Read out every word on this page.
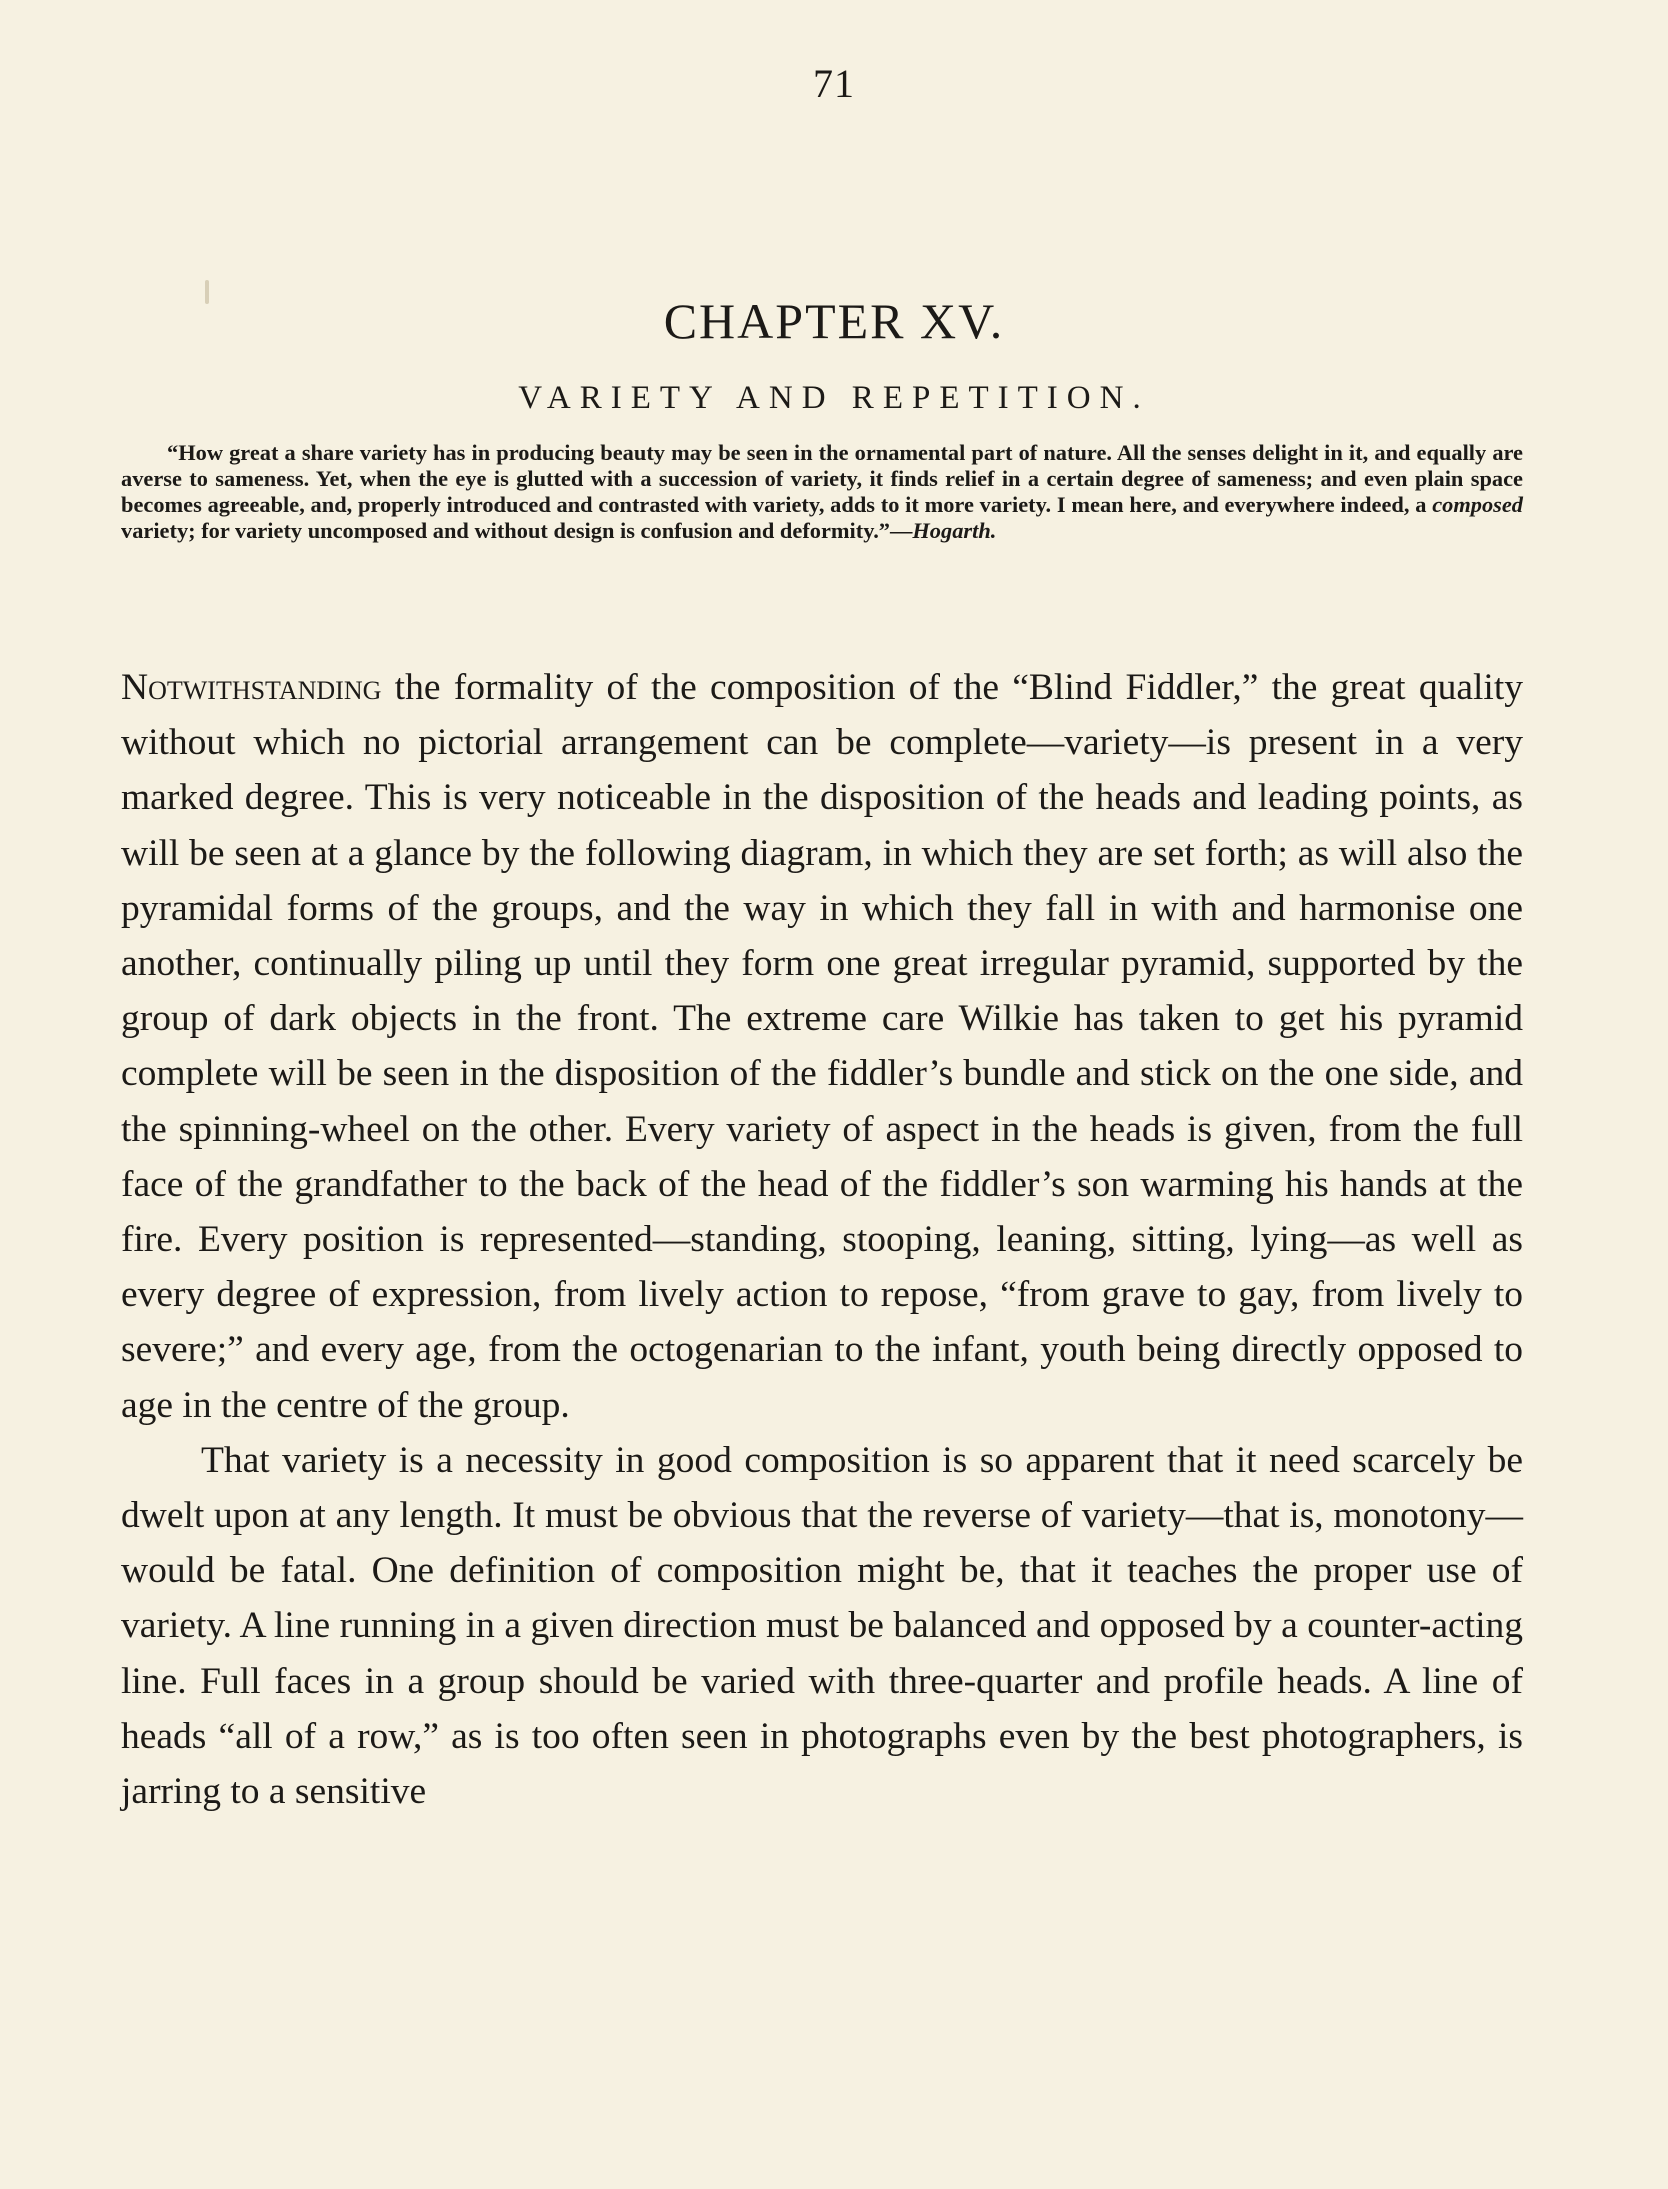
71
CHAPTER XV.
VARIETY AND REPETITION.
“How great a share variety has in producing beauty may be seen in the ornamental part of nature. All the senses delight in it, and equally are averse to sameness. Yet, when the eye is glutted with a succession of variety, it finds relief in a certain degree of sameness; and even plain space becomes agreeable, and, properly introduced and contrasted with variety, adds to it more variety. I mean here, and everywhere indeed, a composed variety; for variety uncomposed and without design is confusion and deformity.”—Hogarth.

Notwithstanding the formality of the composition of the “Blind Fiddler,” the great quality without which no pictorial arrangement can be complete—variety—is present in a very marked degree. This is very noticeable in the disposition of the heads and leading points, as will be seen at a glance by the following diagram, in which they are set forth; as will also the pyramidal forms of the groups, and the way in which they fall in with and harmonise one another, continually piling up until they form one great irregular pyramid, supported by the group of dark objects in the front. The extreme care Wilkie has taken to get his pyramid complete will be seen in the disposition of the fiddler’s bundle and stick on the one side, and the spinning-wheel on the other. Every variety of aspect in the heads is given, from the full face of the grandfather to the back of the head of the fiddler’s son warming his hands at the fire. Every position is represented—standing, stooping, leaning, sitting, lying—as well as every degree of expression, from lively action to repose, “from grave to gay, from lively to severe;” and every age, from the octogenarian to the infant, youth being directly opposed to age in the centre of the group.

That variety is a necessity in good composition is so apparent that it need scarcely be dwelt upon at any length. It must be obvious that the reverse of variety—that is, monotony—would be fatal. One definition of composition might be, that it teaches the proper use of variety. A line running in a given direction must be balanced and opposed by a counter-acting line. Full faces in a group should be varied with three-quarter and profile heads. A line of heads “all of a row,” as is too often seen in photographs even by the best photographers, is jarring to a sensitive
